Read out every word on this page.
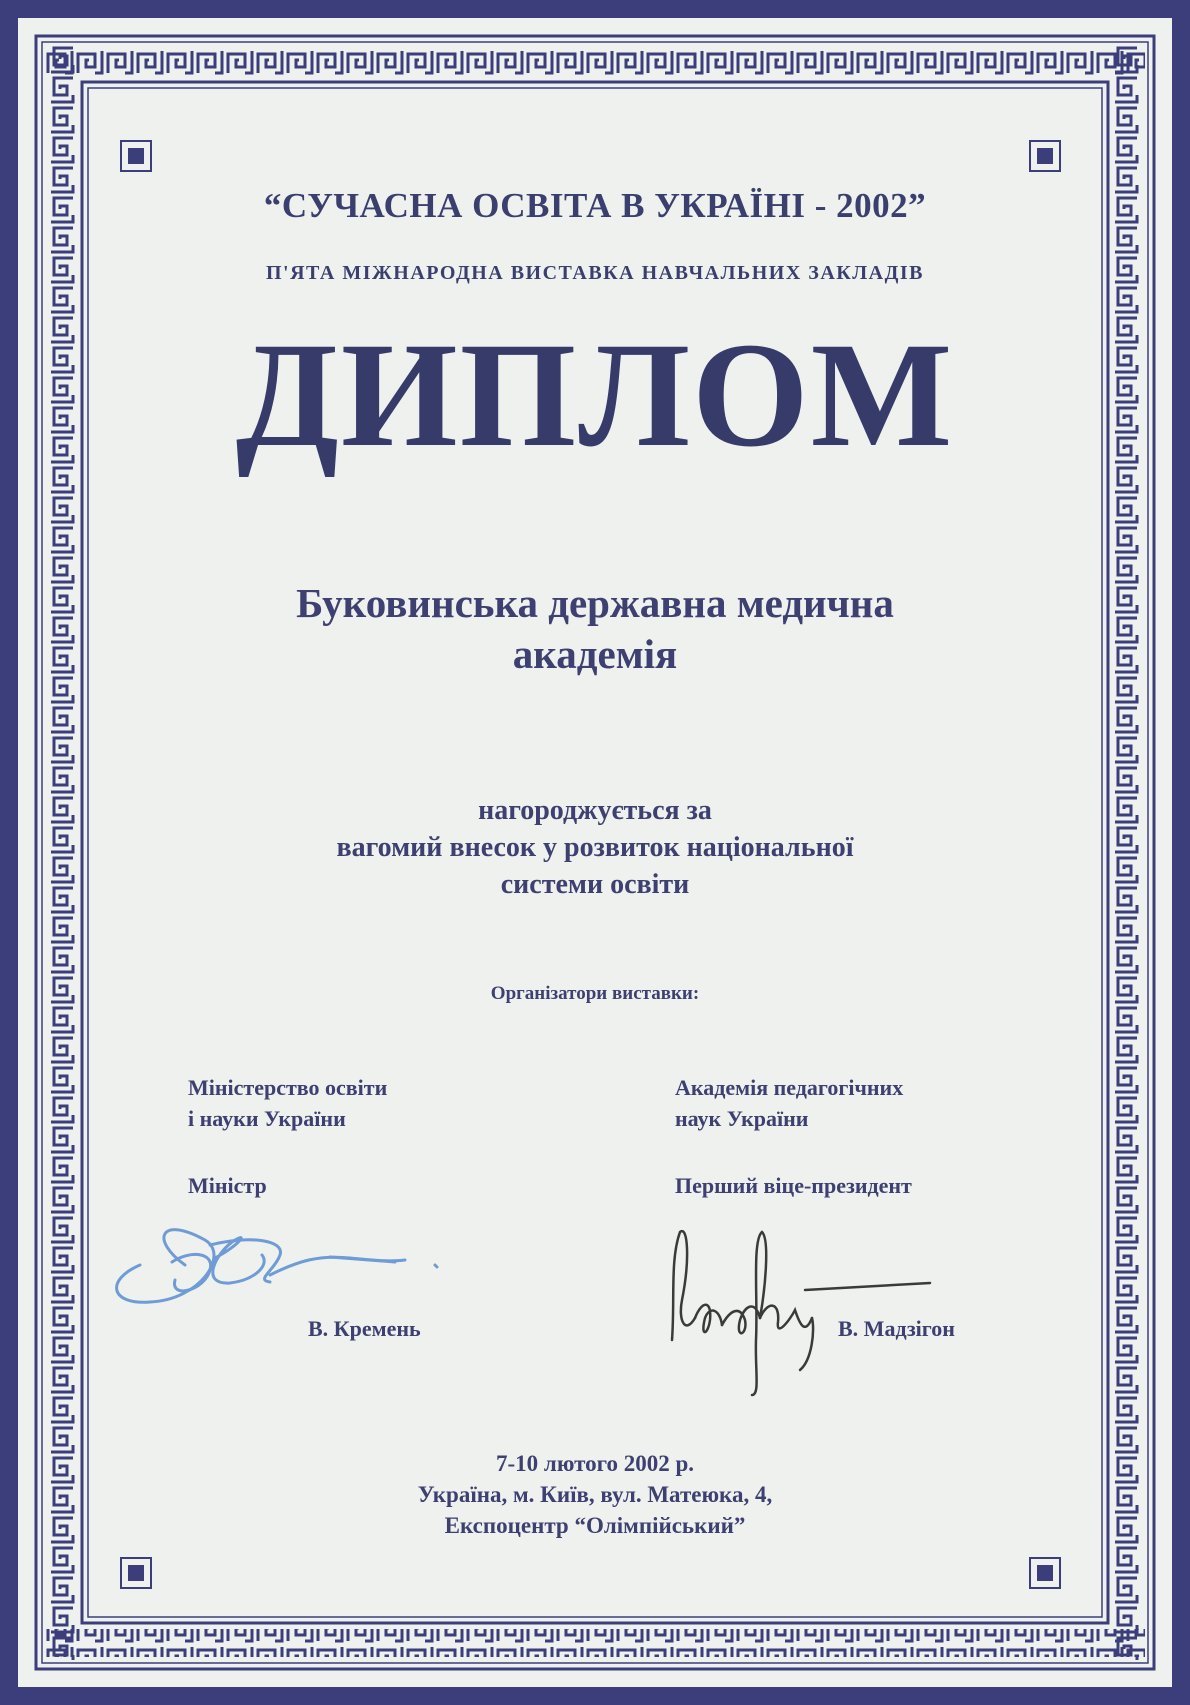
“СУЧАСНА ОСВІТА В УКРАЇНІ - 2002”
П'ЯТА МІЖНАРОДНА ВИСТАВКА НАВЧАЛЬНИХ ЗАКЛАДІВ
ДИПЛОМ
Буковинська державна медична
академія
нагороджується за
вагомий внесок у розвиток національної
системи освіти
Організатори виставки:
Міністерство освіти
і науки України
Академія педагогічних
наук України
Міністр	Перший віце-президент
В. Кремень	В. Мадзігон
7-10 лютого 2002 р.
Україна, м. Київ, вул. Матеюка, 4,
Експоцентр “Олімпійський”
